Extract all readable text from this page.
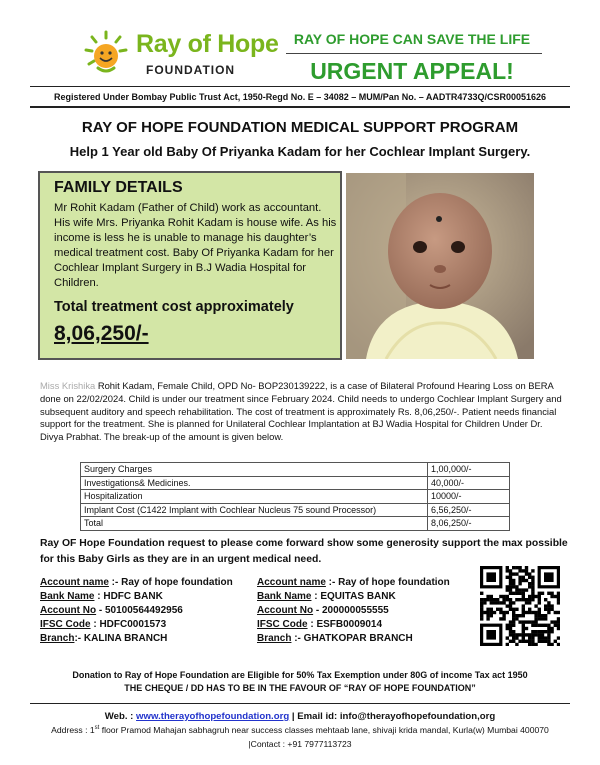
Ray of Hope
FOUNDATION
RAY OF HOPE CAN SAVE THE LIFE
URGENT APPEAL!
Registered Under Bombay Public Trust Act, 1950-Regd No. E – 34082 – MUM/Pan No. – AADTR4733Q/CSR00051626
RAY OF HOPE FOUNDATION MEDICAL SUPPORT PROGRAM
Help 1 Year old Baby Of Priyanka Kadam for her Cochlear Implant Surgery.
FAMILY DETAILS
Mr Rohit Kadam (Father of Child) work as accountant. His wife Mrs. Priyanka Rohit Kadam is house wife. As his income is less he is unable to manage his daughter’s medical treatment cost. Baby Of Priyanka Kadam for her Cochlear Implant Surgery in B.J Wadia Hospital for Children.
Total treatment cost approximately
8,06,250/-
Miss Krishika Rohit Kadam, Female Child, OPD No- BOP230139222, is a case of Bilateral Profound Hearing Loss on BERA done on 22/02/2024. Child is under our treatment since February 2024. Child needs to undergo Cochlear Implant Surgery and subsequent auditory and speech rehabilitation. The cost of treatment is approximately Rs. 8,06,250/-. Patient needs financial support for the treatment. She is planned for Unilateral Cochlear Implantation at BJ Wadia Hospital for Children Under Dr. Divya Prabhat. The break-up of the amount is given below.
Surgery Charges	1,00,000/-
Investigations& Medicines.	40,000/-
Hospitalization	10000/-
Implant Cost (C1422 Implant with Cochlear Nucleus 75 sound Processor)	6,56,250/-
Total	8,06,250/-
Ray OF Hope Foundation request to please come forward show some generosity support the max possible for this Baby Girls as they are in an urgent medical need.
Account name :- Ray of hope foundation
Bank Name : HDFC BANK
Account No - 50100564492956
IFSC Code : HDFC0001573
Branch:- KALINA BRANCH
Account name :- Ray of hope foundation
Bank Name : EQUITAS BANK
Account No - 200000055555
IFSC Code : ESFB0009014
Branch :- GHATKOPAR BRANCH
Donation to Ray of Hope Foundation are Eligible for 50% Tax Exemption under 80G of income Tax act 1950
THE CHEQUE / DD HAS TO BE IN THE FAVOUR OF “RAY OF HOPE FOUNDATION”
Web. : www.therayofhopefoundation.org | Email id: info@therayofhopefoundation,org
Address : 1st floor Pramod Mahajan sabhagruh near success classes mehtaab lane, shivaji krida mandal, Kurla(w) Mumbai 400070
|Contact : +91 7977113723
